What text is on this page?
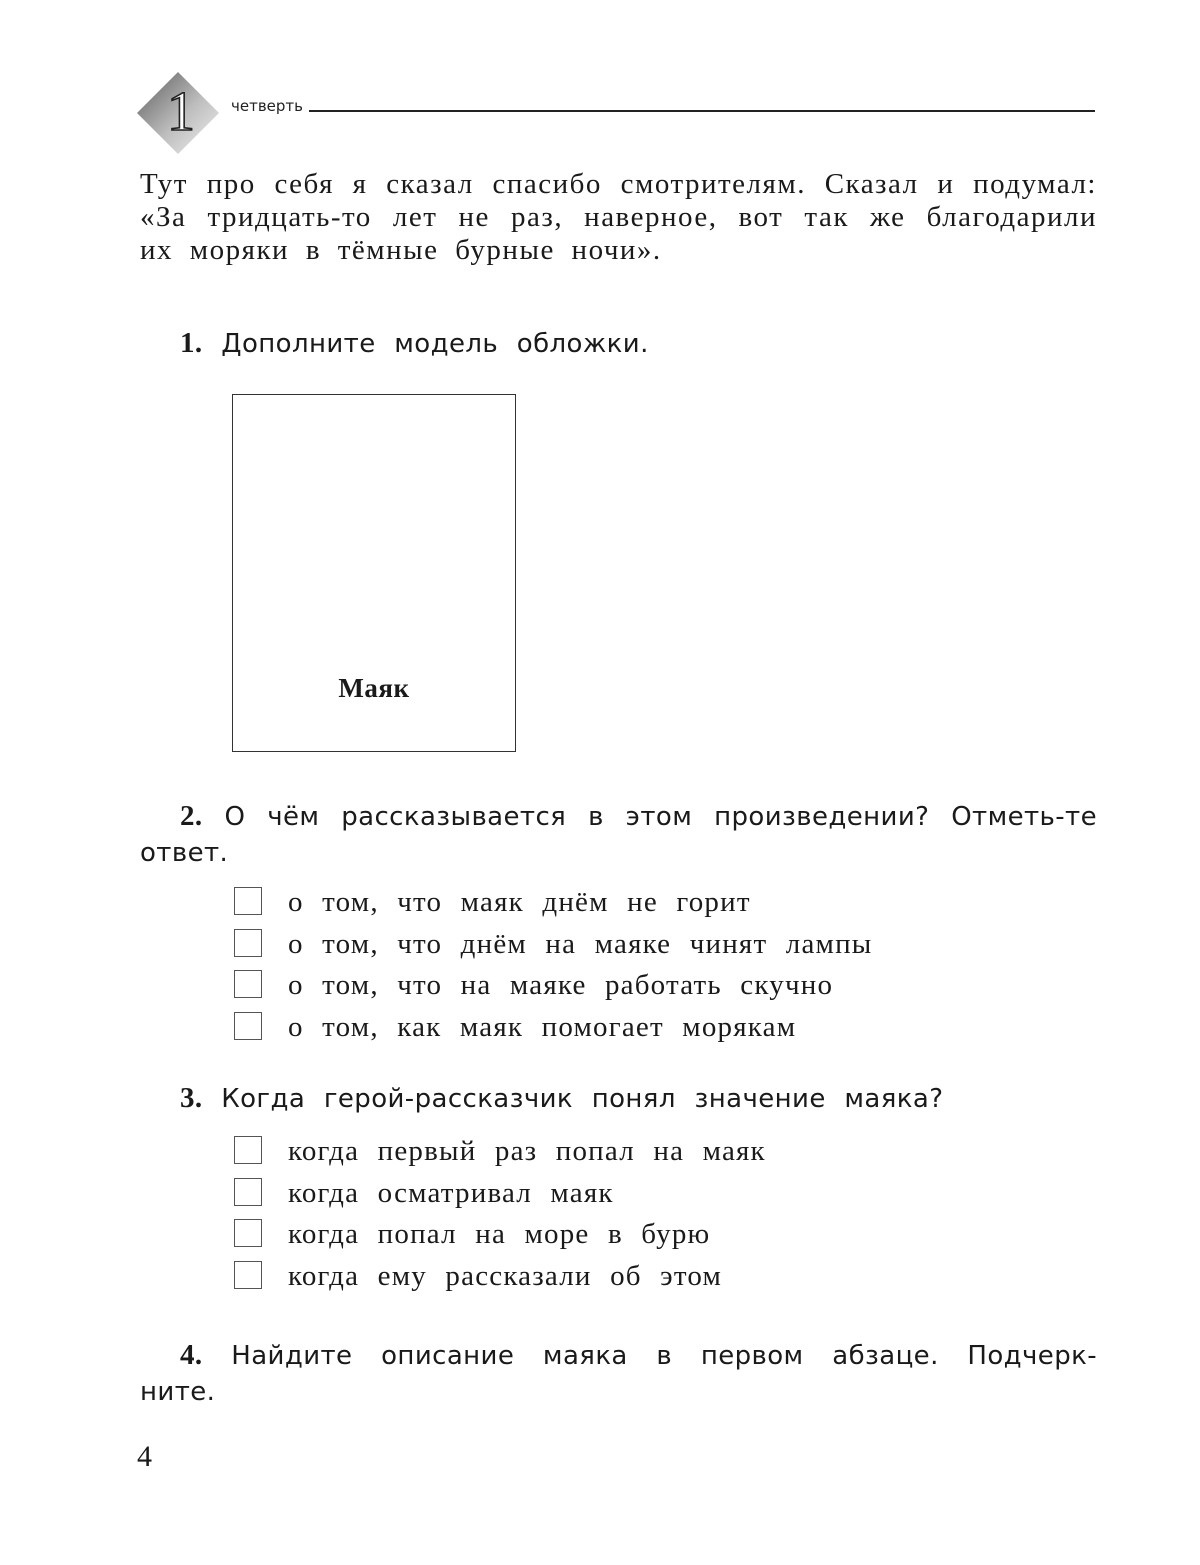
1 четверть
Тут про себя я сказал спасибо смотрителям. Сказал и подумал: «За тридцать-то лет не раз, наверное, вот так же благодарили их моряки в тёмные бурные ночи».
1. Дополните модель обложки.
Маяк
2. О чём рассказывается в этом произведении? Отметь-те ответ.
о том, что маяк днём не горит
о том, что днём на маяке чинят лампы
о том, что на маяке работать скучно
о том, как маяк помогает морякам
3. Когда герой-рассказчик понял значение маяка?
когда первый раз попал на маяк
когда осматривал маяк
когда попал на море в бурю
когда ему рассказали об этом
4. Найдите описание маяка в первом абзаце. Подчерк-ните.
4
